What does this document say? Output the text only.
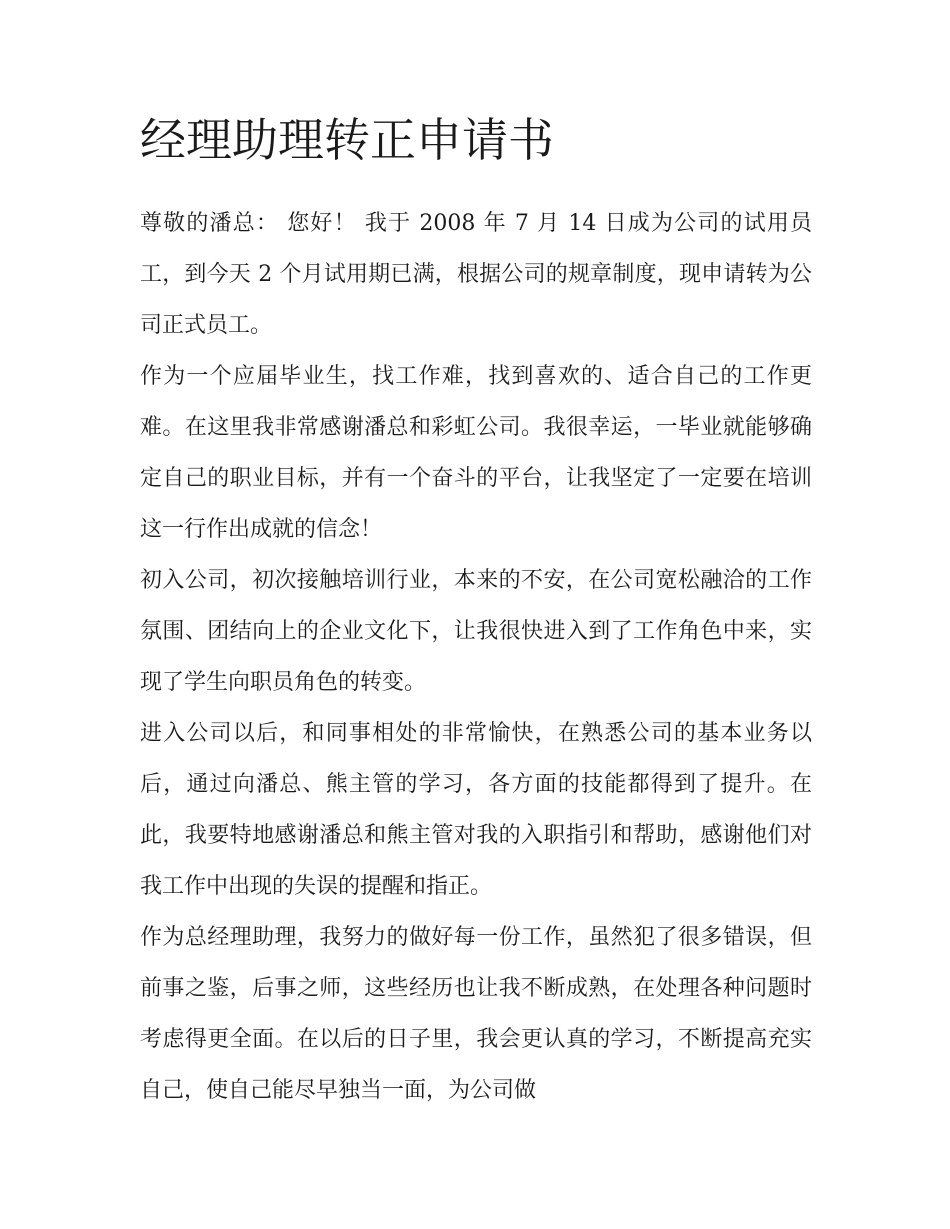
经理助理转正申请书

尊敬的潘总： 您好！ 我于 2008 年 7 月 14 日成为公司的试用员工，到今天 2 个月试用期已满，根据公司的规章制度，现申请转为公司正式员工。

作为一个应届毕业生，找工作难，找到喜欢的、适合自己的工作更难。在这里我非常感谢潘总和彩虹公司。我很幸运，一毕业就能够确定自己的职业目标，并有一个奋斗的平台，让我坚定了一定要在培训这一行作出成就的信念！

初入公司，初次接触培训行业，本来的不安，在公司宽松融洽的工作氛围、团结向上的企业文化下，让我很快进入到了工作角色中来，实现了学生向职员角色的转变。

进入公司以后，和同事相处的非常愉快，在熟悉公司的基本业务以后，通过向潘总、熊主管的学习，各方面的技能都得到了提升。在此，我要特地感谢潘总和熊主管对我的入职指引和帮助，感谢他们对我工作中出现的失误的提醒和指正。

作为总经理助理，我努力的做好每一份工作，虽然犯了很多错误，但前事之鉴，后事之师，这些经历也让我不断成熟，在处理各种问题时考虑得更全面。在以后的日子里，我会更认真的学习，不断提高充实自己，使自己能尽早独当一面，为公司做
